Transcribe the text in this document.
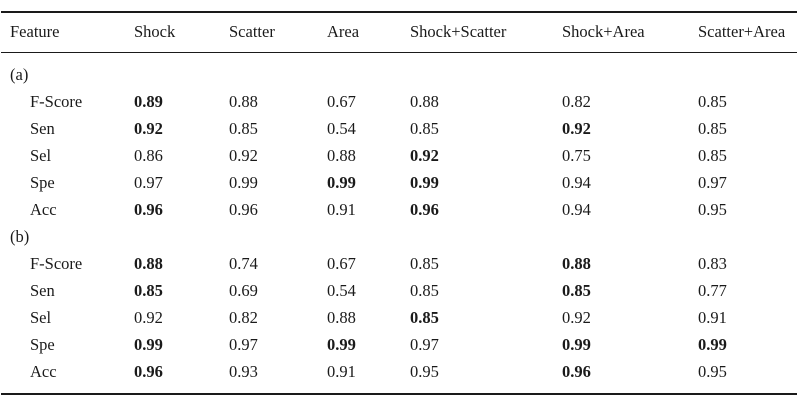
Feature	Shock	Scatter	Area	Shock+Scatter	Shock+Area	Scatter+Area
(a)
F-Score	0.89	0.88	0.67	0.88	0.82	0.85
Sen	0.92	0.85	0.54	0.85	0.92	0.85
Sel	0.86	0.92	0.88	0.92	0.75	0.85
Spe	0.97	0.99	0.99	0.99	0.94	0.97
Acc	0.96	0.96	0.91	0.96	0.94	0.95
(b)
F-Score	0.88	0.74	0.67	0.85	0.88	0.83
Sen	0.85	0.69	0.54	0.85	0.85	0.77
Sel	0.92	0.82	0.88	0.85	0.92	0.91
Spe	0.99	0.97	0.99	0.97	0.99	0.99
Acc	0.96	0.93	0.91	0.95	0.96	0.95
